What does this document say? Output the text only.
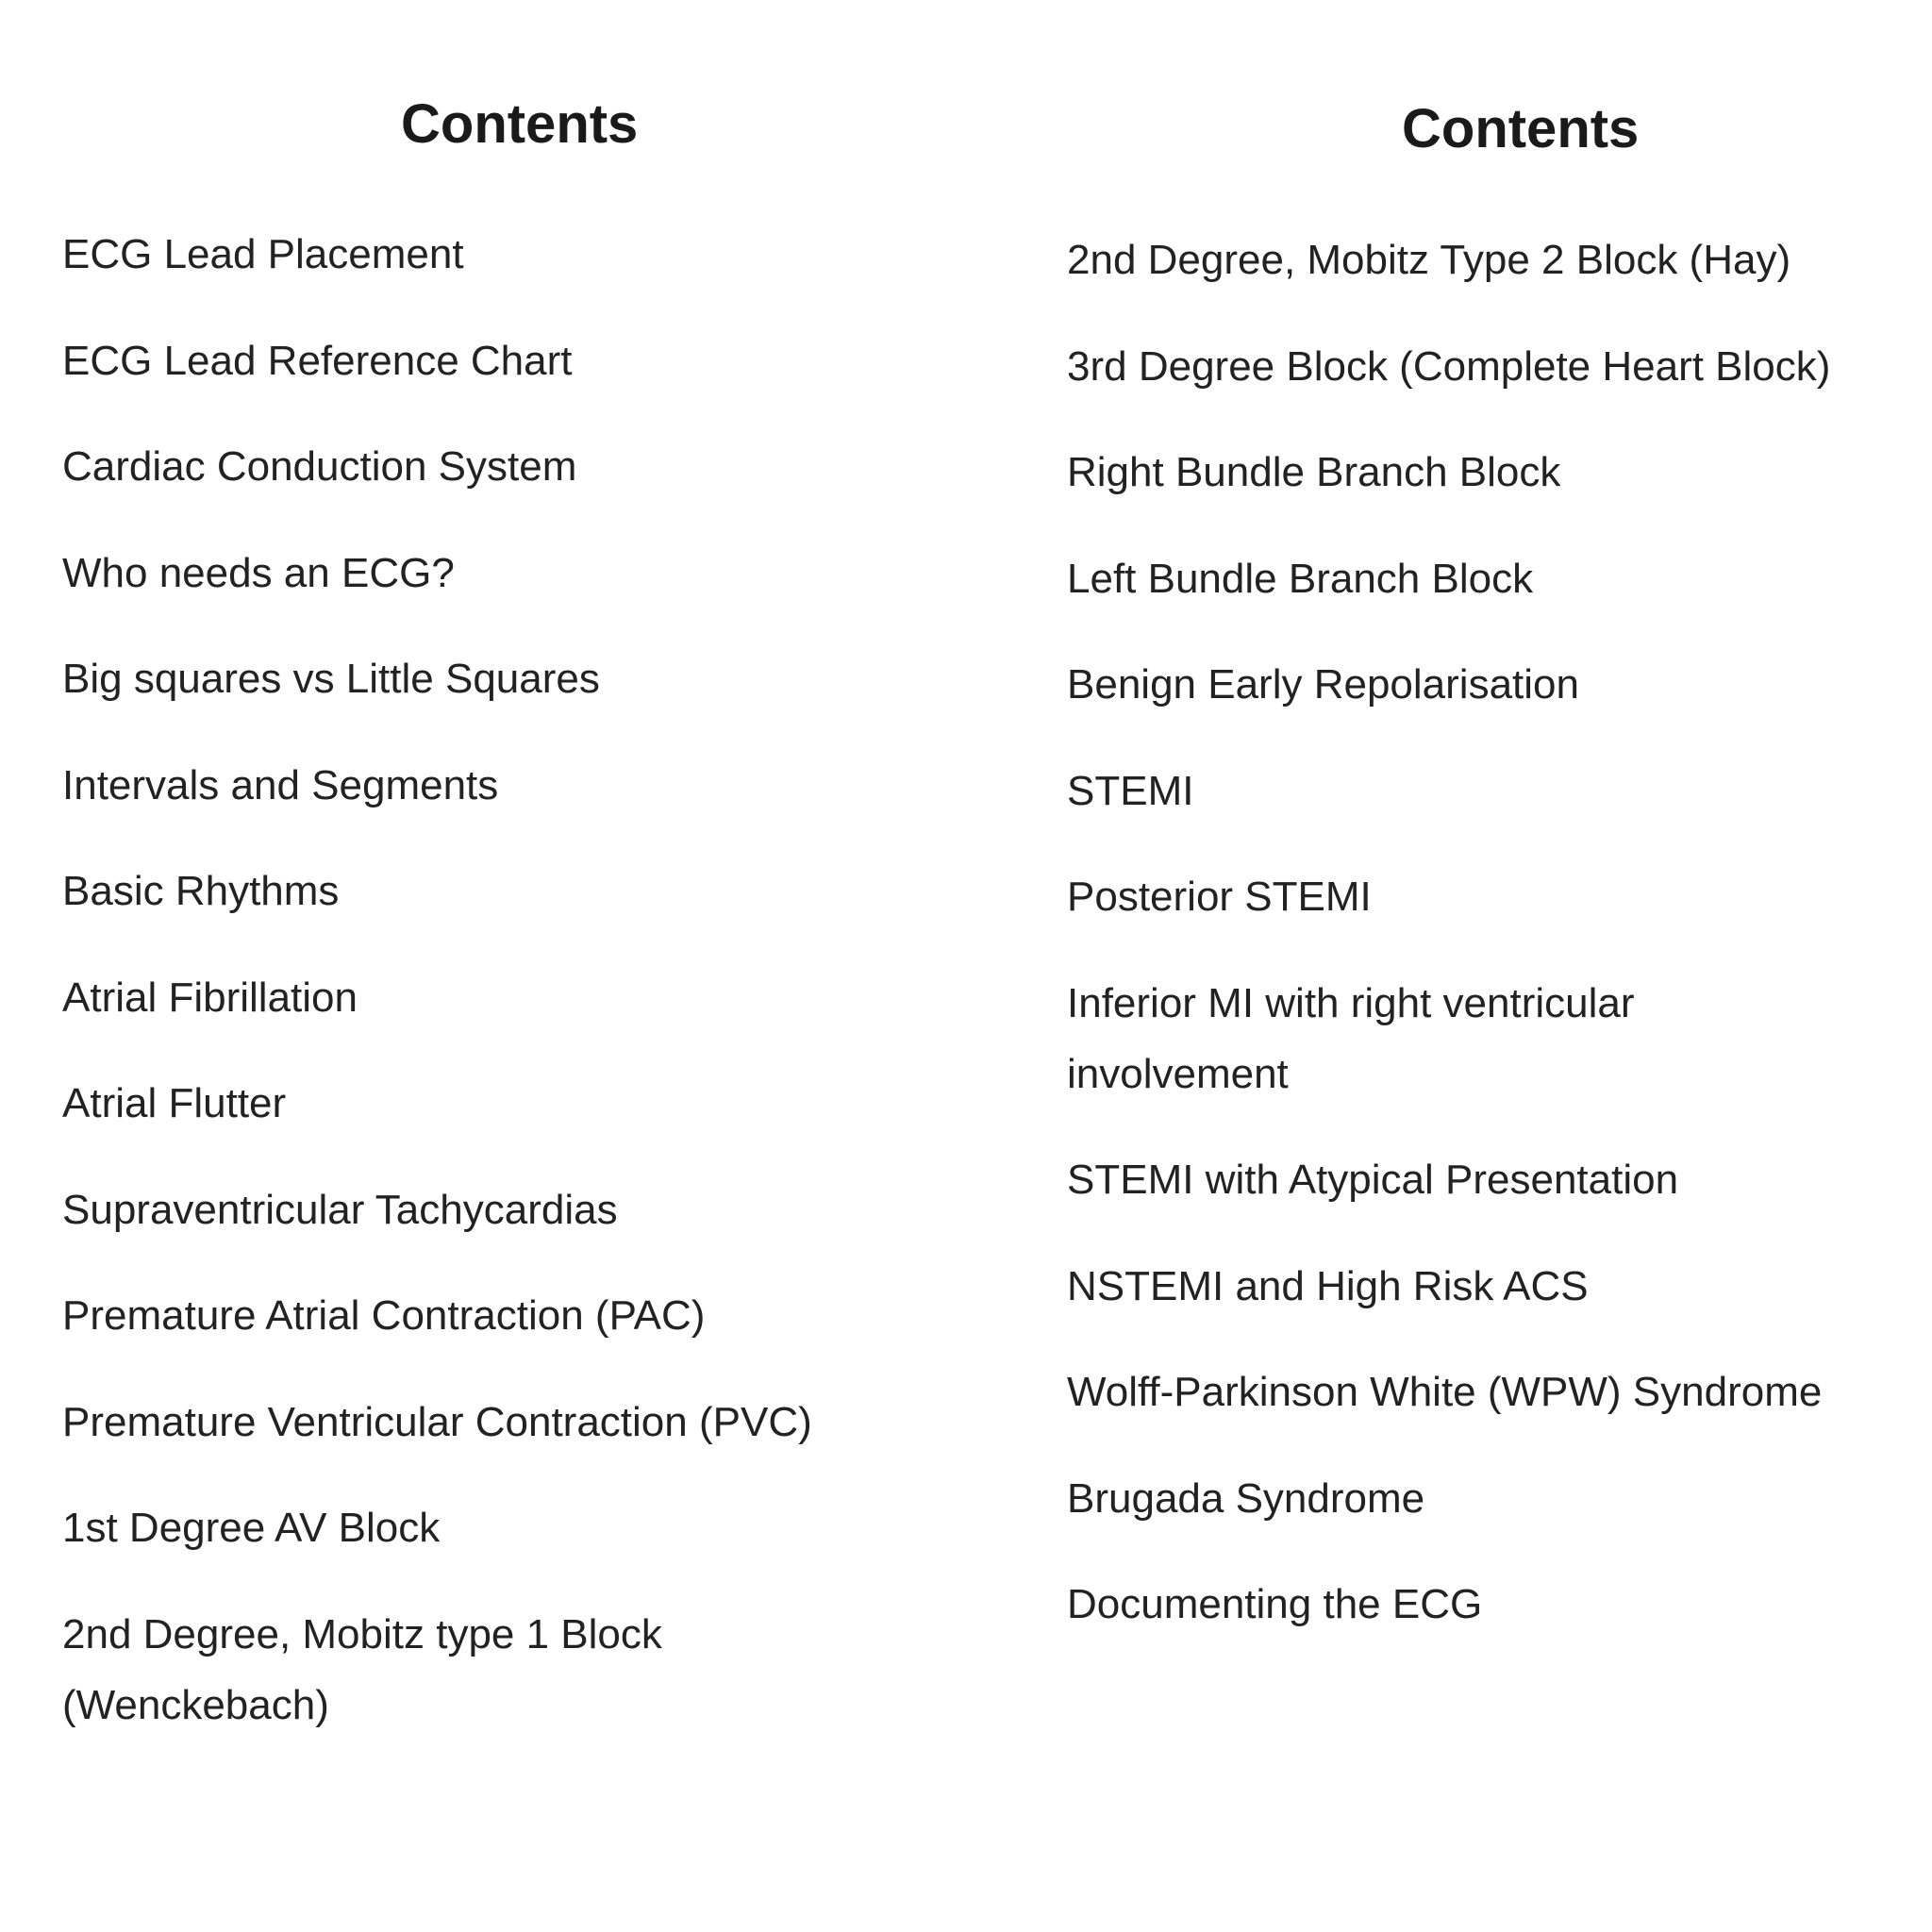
Contents
ECG Lead Placement
ECG Lead Reference Chart
Cardiac Conduction System
Who needs an ECG?
Big squares vs Little Squares
Intervals and Segments
Basic Rhythms
Atrial Fibrillation
Atrial Flutter
Supraventricular Tachycardias
Premature Atrial Contraction (PAC)
Premature Ventricular Contraction (PVC)
1st Degree AV Block
2nd Degree, Mobitz type 1 Block (Wenckebach)
Contents
2nd Degree, Mobitz Type 2 Block (Hay)
3rd Degree Block (Complete Heart Block)
Right Bundle Branch Block
Left Bundle Branch Block
Benign Early Repolarisation
STEMI
Posterior STEMI
Inferior MI with right ventricular involvement
STEMI with Atypical Presentation
NSTEMI and High Risk ACS
Wolff-Parkinson White (WPW) Syndrome
Brugada Syndrome
Documenting the ECG
